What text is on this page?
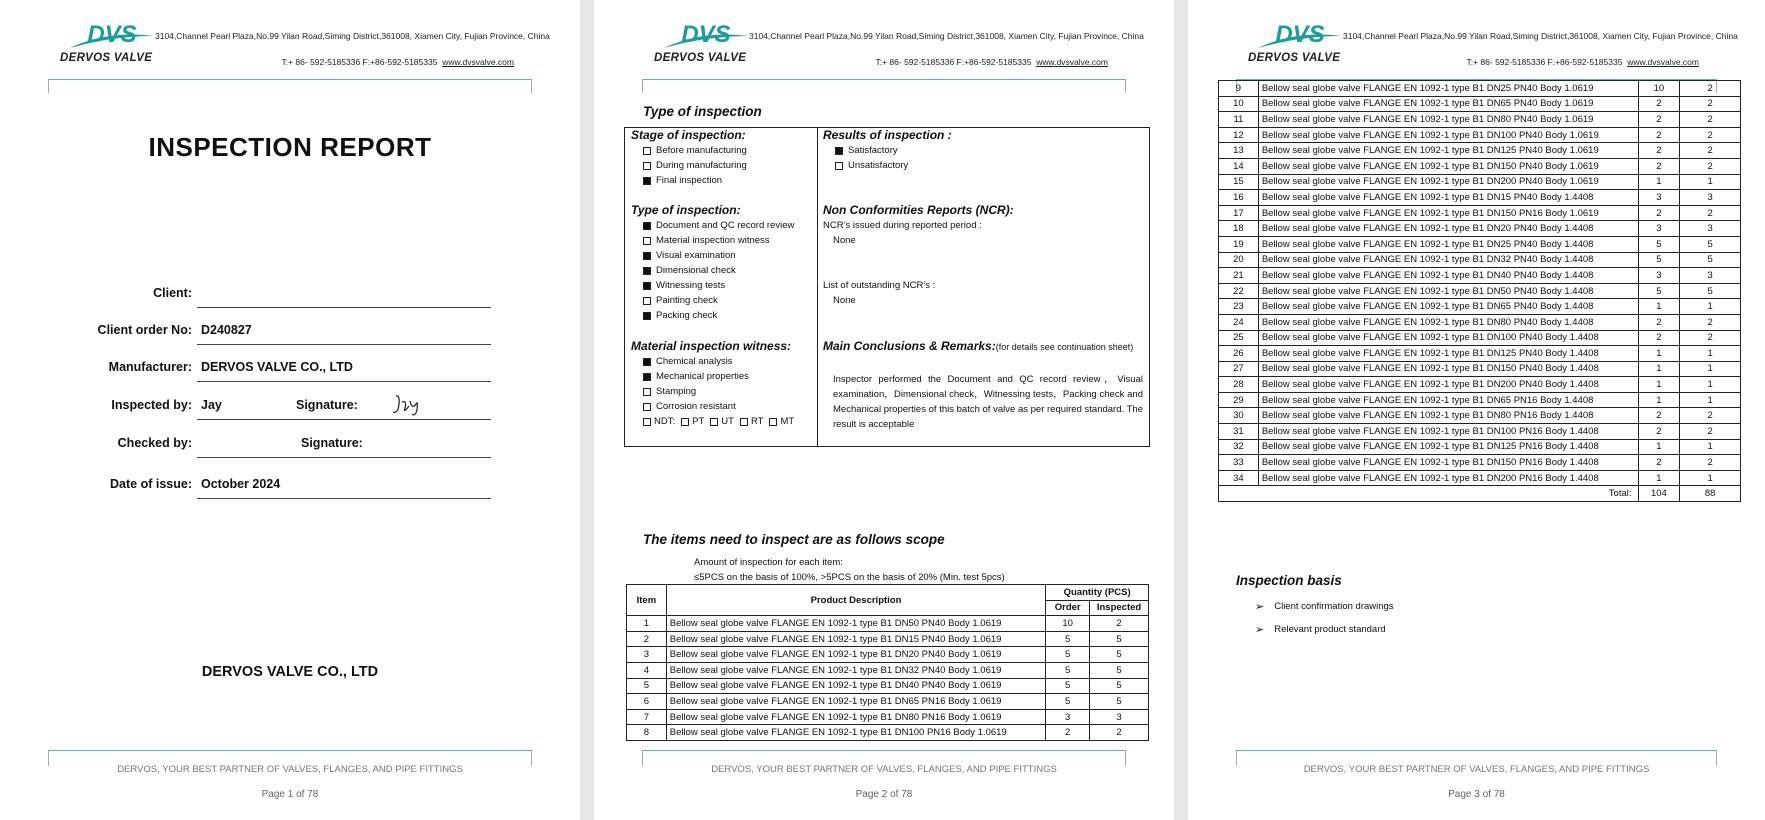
DVS
DERVOS VALVE
3104,Channel Pearl Plaza,No.99 Yilan Road,Siming District,361008, Xiamen City, Fujian Province, China
T:+ 86- 592-5185336 F:+86-592-5185335 www.dvsvalve.com
INSPECTION REPORT
Client:
Client order No: D240827
Manufacturer: DERVOS VALVE CO., LTD
Inspected by: Jay	Signature:
Checked by:	Signature:
Date of issue: October 2024
DERVOS VALVE CO., LTD
DERVOS, YOUR BEST PARTNER OF VALVES, FLANGES, AND PIPE FITTINGS
Page 1 of 78
DVS
DERVOS VALVE
3104,Channel Pearl Plaza,No.99 Yilan Road,Siming District,361008, Xiamen City, Fujian Province, China
T:+ 86- 592-5185336 F:+86-592-5185335 www.dvsvalve.com
Type of inspection
Stage of inspection:
Before manufacturing
During manufacturing
Final inspection
Type of inspection:
Document and QC record review
Material inspection witness
Visual examination
Dimensional check
Witnessing tests
Painting check
Packing check
Material inspection witness:
Chemical analysis
Mechanical properties
Stamping
Corrosion resistant
NDT: PT UT RT MT
Results of inspection :
Satisfactory
Unsatisfactory
Non Conformities Reports (NCR):
NCR’s issued during reported period :
None
List of outstanding NCR’s :
None
Main Conclusions & Remarks:(for details see continuation sheet)
Inspector performed the Document and QC record review，Visual examination，Dimensional check，Witnessing tests，Packing check and Mechanical properties of this batch of valve as per required standard. The result is acceptable
The items need to inspect are as follows scope
Amount of inspection for each item:
≤5PCS on the basis of 100%, >5PCS on the basis of 20% (Min. test 5pcs)
Item	Product Description	Quantity (PCS)	
		Order	Inspected
1	Bellow seal globe valve FLANGE EN 1092-1 type B1 DN50 PN40 Body 1.0619	10	2
2	Bellow seal globe valve FLANGE EN 1092-1 type B1 DN15 PN40 Body 1.0619	5	5
3	Bellow seal globe valve FLANGE EN 1092-1 type B1 DN20 PN40 Body 1.0619	5	5
4	Bellow seal globe valve FLANGE EN 1092-1 type B1 DN32 PN40 Body 1.0619	5	5
5	Bellow seal globe valve FLANGE EN 1092-1 type B1 DN40 PN40 Body 1.0619	5	5
6	Bellow seal globe valve FLANGE EN 1092-1 type B1 DN65 PN16 Body 1.0619	5	5
7	Bellow seal globe valve FLANGE EN 1092-1 type B1 DN80 PN16 Body 1.0619	3	3
8	Bellow seal globe valve FLANGE EN 1092-1 type B1 DN100 PN16 Body 1.0619	2	2
DERVOS, YOUR BEST PARTNER OF VALVES, FLANGES, AND PIPE FITTINGS
Page 2 of 78
DVS
DERVOS VALVE
3104,Channel Pearl Plaza,No.99 Yilan Road,Siming District,361008, Xiamen City, Fujian Province, China
T:+ 86- 592-5185336 F:+86-592-5185335 www.dvsvalve.com
9	Bellow seal globe valve FLANGE EN 1092-1 type B1 DN25 PN40 Body 1.0619	10	2
10	Bellow seal globe valve FLANGE EN 1092-1 type B1 DN65 PN40 Body 1.0619	2	2
11	Bellow seal globe valve FLANGE EN 1092-1 type B1 DN80 PN40 Body 1.0619	2	2
12	Bellow seal globe valve FLANGE EN 1092-1 type B1 DN100 PN40 Body 1.0619	2	2
13	Bellow seal globe valve FLANGE EN 1092-1 type B1 DN125 PN40 Body 1.0619	2	2
14	Bellow seal globe valve FLANGE EN 1092-1 type B1 DN150 PN40 Body 1.0619	2	2
15	Bellow seal globe valve FLANGE EN 1092-1 type B1 DN200 PN40 Body 1.0619	1	1
16	Bellow seal globe valve FLANGE EN 1092-1 type B1 DN15 PN40 Body 1.4408	3	3
17	Bellow seal globe valve FLANGE EN 1092-1 type B1 DN150 PN16 Body 1.0619	2	2
18	Bellow seal globe valve FLANGE EN 1092-1 type B1 DN20 PN40 Body 1.4408	3	3
19	Bellow seal globe valve FLANGE EN 1092-1 type B1 DN25 PN40 Body 1.4408	5	5
20	Bellow seal globe valve FLANGE EN 1092-1 type B1 DN32 PN40 Body 1.4408	5	5
21	Bellow seal globe valve FLANGE EN 1092-1 type B1 DN40 PN40 Body 1.4408	3	3
22	Bellow seal globe valve FLANGE EN 1092-1 type B1 DN50 PN40 Body 1.4408	5	5
23	Bellow seal globe valve FLANGE EN 1092-1 type B1 DN65 PN40 Body 1.4408	1	1
24	Bellow seal globe valve FLANGE EN 1092-1 type B1 DN80 PN40 Body 1.4408	2	2
25	Bellow seal globe valve FLANGE EN 1092-1 type B1 DN100 PN40 Body 1.4408	2	2
26	Bellow seal globe valve FLANGE EN 1092-1 type B1 DN125 PN40 Body 1.4408	1	1
27	Bellow seal globe valve FLANGE EN 1092-1 type B1 DN150 PN40 Body 1.4408	1	1
28	Bellow seal globe valve FLANGE EN 1092-1 type B1 DN200 PN40 Body 1.4408	1	1
29	Bellow seal globe valve FLANGE EN 1092-1 type B1 DN65 PN16 Body 1.4408	1	1
30	Bellow seal globe valve FLANGE EN 1092-1 type B1 DN80 PN16 Body 1.4408	2	2
31	Bellow seal globe valve FLANGE EN 1092-1 type B1 DN100 PN16 Body 1.4408	2	2
32	Bellow seal globe valve FLANGE EN 1092-1 type B1 DN125 PN16 Body 1.4408	1	1
33	Bellow seal globe valve FLANGE EN 1092-1 type B1 DN150 PN16 Body 1.4408	2	2
34	Bellow seal globe valve FLANGE EN 1092-1 type B1 DN200 PN16 Body 1.4408	1	1
	Total:	104	88
Inspection basis
➢ Client confirmation drawings
➢ Relevant product standard
DERVOS, YOUR BEST PARTNER OF VALVES, FLANGES, AND PIPE FITTINGS
Page 3 of 78
